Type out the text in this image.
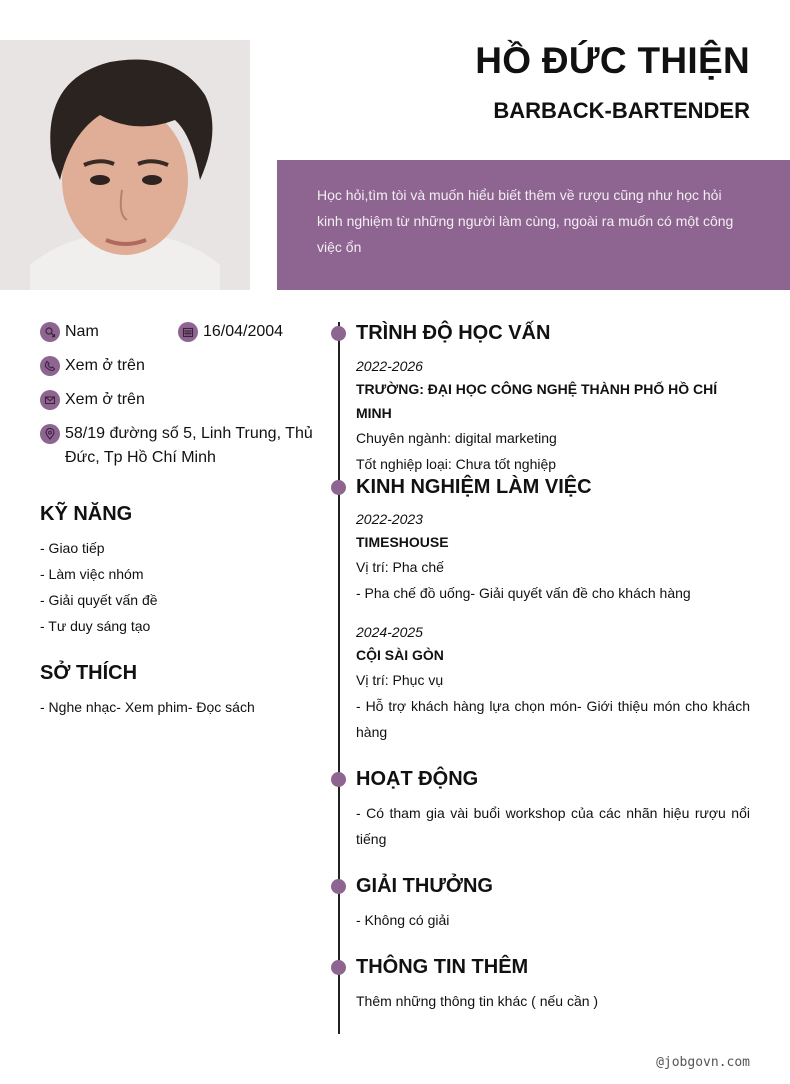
HỒ ĐỨC THIỆN
BARBACK-BARTENDER

Học hỏi,tìm tòi và muốn hiểu biết thêm về rượu cũng như học hỏi kinh nghiệm từ những người làm cùng, ngoài ra muốn có một công việc ổn

Nam	16/04/2004
Xem ở trên
Xem ở trên
58/19 đường số 5, Linh Trung, Thủ Đức, Tp Hồ Chí Minh
KỸ NĂNG
- Giao tiếp
- Làm việc nhóm
- Giải quyết vấn đề
- Tư duy sáng tạo
SỞ THÍCH
- Nghe nhạc- Xem phim- Đọc sách
TRÌNH ĐỘ HỌC VẤN
2022-2026
TRƯỜNG: ĐẠI HỌC CÔNG NGHỆ THÀNH PHỐ HỒ CHÍ MINH
Chuyên ngành: digital marketing
Tốt nghiệp loại: Chưa tốt nghiệp
KINH NGHIỆM LÀM VIỆC
2022-2023
TIMESHOUSE
Vị trí: Pha chế
- Pha chế đồ uống- Giải quyết vấn đề cho khách hàng
2024-2025
CỘI SÀI GÒN
Vị trí: Phục vụ
- Hỗ trợ khách hàng lựa chọn món- Giới thiệu món cho khách hàng
HOẠT ĐỘNG
- Có tham gia vài buổi workshop của các nhãn hiệu rượu nổi tiếng
GIẢI THƯỞNG
- Không có giải
THÔNG TIN THÊM
Thêm những thông tin khác ( nếu cần )
@jobgovn.com
